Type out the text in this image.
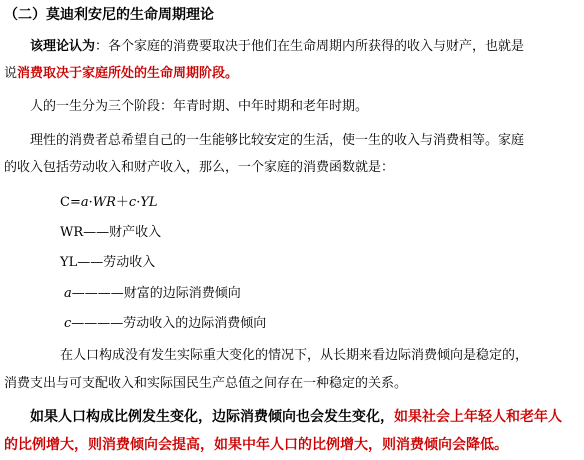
（二）莫迪利安尼的生命周期理论
该理论认为：各个家庭的消费要取决于他们在生命周期内所获得的收入与财产，也就是
说消费取决于家庭所处的生命周期阶段。
人的一生分为三个阶段：年青时期、中年时期和老年时期。
理性的消费者总希望自己的一生能够比较安定的生活，使一生的收入与消费相等。家庭
的收入包括劳动收入和财产收入，那么，一个家庭的消费函数就是：
C=a·WR＋c·YL
WR——财产收入
YL——劳动收入
a————财富的边际消费倾向
c————劳动收入的边际消费倾向
在人口构成没有发生实际重大变化的情况下，从长期来看边际消费倾向是稳定的，
消费支出与可支配收入和实际国民生产总值之间存在一种稳定的关系。
如果人口构成比例发生变化，边际消费倾向也会发生变化，如果社会上年轻人和老年人
的比例增大，则消费倾向会提高，如果中年人口的比例增大，则消费倾向会降低。
